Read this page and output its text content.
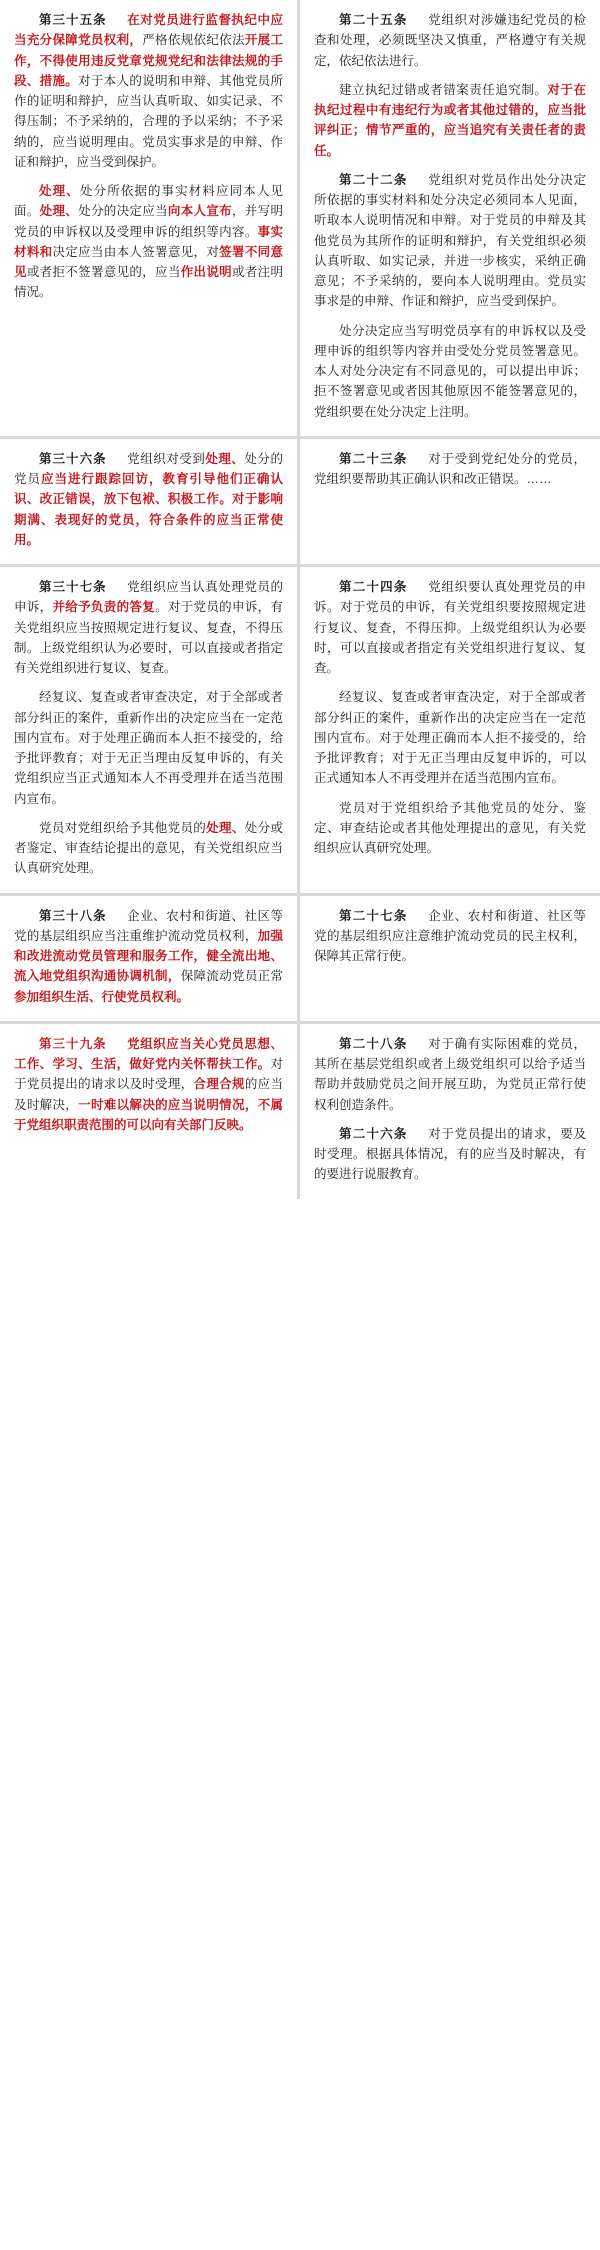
第三十五条 在对党员进行监督执纪中应当充分保障党员权利，严格依规依纪依法开展工作，不得使用违反党章党规党纪和法律法规的手段、措施。对于本人的说明和申辩、其他党员所作的证明和辩护，应当认真听取、如实记录、不得压制；不予采纳的，合理的予以采纳；不予采纳的，应当说明理由。党员实事求是的申辩、作证和辩护，应当受到保护。

处理、处分所依据的事实材料应同本人见面。处理、处分的决定应当向本人宣布，并写明党员的申诉权以及受理申诉的组织等内容。事实材料和决定应当由本人签署意见，对签署不同意见或者拒不签署意见的，应当作出说明或者注明情况。

第二十五条 党组织对涉嫌违纪党员的检查和处理，必须既坚决又慎重，严格遵守有关规定，依纪依法进行。

建立执纪过错或者错案责任追究制。对于在执纪过程中有违纪行为或者其他过错的，应当批评纠正；情节严重的，应当追究有关责任者的责任。

第二十二条 党组织对党员作出处分决定所依据的事实材料和处分决定必须同本人见面，听取本人说明情况和申辩。对于党员的申辩及其他党员为其所作的证明和辩护，有关党组织必须认真听取、如实记录，并进一步核实，采纳正确意见；不予采纳的，要向本人说明理由。党员实事求是的申辩、作证和辩护，应当受到保护。

处分决定应当写明党员享有的申诉权以及受理申诉的组织等内容并由受处分党员签署意见。本人对处分决定有不同意见的，可以提出申诉；拒不签署意见或者因其他原因不能签署意见的，党组织要在处分决定上注明。

第三十六条 党组织对受到处理、处分的党员应当进行跟踪回访，教育引导他们正确认识、改正错误，放下包袱、积极工作。对于影响期满、表现好的党员，符合条件的应当正常使用。

第二十三条 对于受到党纪处分的党员，党组织要帮助其正确认识和改正错误。……

第三十七条 党组织应当认真处理党员的申诉，并给予负责的答复。对于党员的申诉，有关党组织应当按照规定进行复议、复查，不得压制。上级党组织认为必要时，可以直接或者指定有关党组织进行复议、复查。

经复议、复查或者审查决定，对于全部或者部分纠正的案件，重新作出的决定应当在一定范围内宣布。对于处理正确而本人拒不接受的，给予批评教育；对于无正当理由反复申诉的，有关党组织应当正式通知本人不再受理并在适当范围内宣布。

党员对党组织给予其他党员的处理、处分或者鉴定、审查结论提出的意见，有关党组织应当认真研究处理。

第二十四条 党组织要认真处理党员的申诉。对于党员的申诉，有关党组织要按照规定进行复议、复查，不得压抑。上级党组织认为必要时，可以直接或者指定有关党组织进行复议、复查。

经复议、复查或者审查决定，对于全部或者部分纠正的案件，重新作出的决定应当在一定范围内宣布。对于处理正确而本人拒不接受的，给予批评教育；对于无正当理由反复申诉的，可以正式通知本人不再受理并在适当范围内宣布。

党员对于党组织给予其他党员的处分、鉴定、审查结论或者其他处理提出的意见，有关党组织应认真研究处理。

第三十八条 企业、农村和街道、社区等党的基层组织应当注重维护流动党员权利，加强和改进流动党员管理和服务工作，健全流出地、流入地党组织沟通协调机制，保障流动党员正常参加组织生活、行使党员权利。

第二十七条 企业、农村和街道、社区等党的基层组织应注意维护流动党员的民主权利，保障其正常行使。

第三十九条 党组织应当关心党员思想、工作、学习、生活，做好党内关怀帮扶工作。对于党员提出的请求以及时受理，合理合规的应当及时解决，一时难以解决的应当说明情况，不属于党组织职责范围的可以向有关部门反映。

第二十八条 对于确有实际困难的党员，其所在基层党组织或者上级党组织可以给予适当帮助并鼓励党员之间开展互助，为党员正常行使权利创造条件。

第二十六条 对于党员提出的请求，要及时受理。根据具体情况，有的应当及时解决，有的要进行说服教育。
